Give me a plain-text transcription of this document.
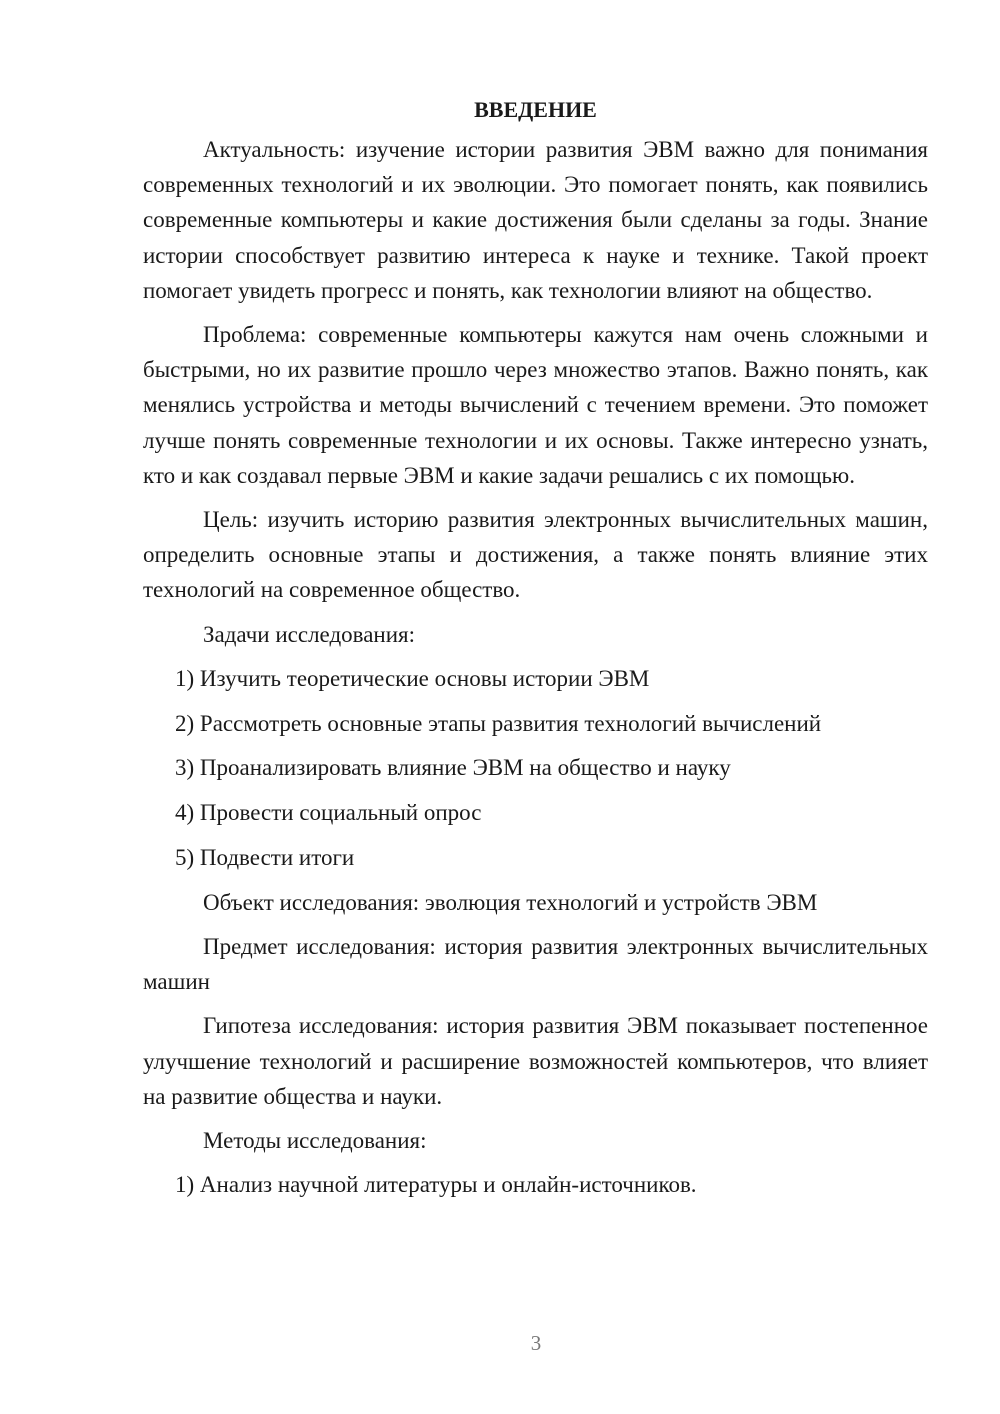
ВВЕДЕНИЕ

Актуальность: изучение истории развития ЭВМ важно для понимания современных технологий и их эволюции. Это помогает понять, как появились современные компьютеры и какие достижения были сделаны за годы. Знание истории способствует развитию интереса к науке и технике. Такой проект помогает увидеть прогресс и понять, как технологии влияют на общество.

Проблема: современные компьютеры кажутся нам очень сложными и быстрыми, но их развитие прошло через множество этапов. Важно понять, как менялись устройства и методы вычислений с течением времени. Это поможет лучше понять современные технологии и их основы. Также интересно узнать, кто и как создавал первые ЭВМ и какие задачи решались с их помощью.

Цель: изучить историю развития электронных вычислительных машин, определить основные этапы и достижения, а также понять влияние этих технологий на современное общество.

Задачи исследования:

1) Изучить теоретические основы истории ЭВМ
2) Рассмотреть основные этапы развития технологий вычислений
3) Проанализировать влияние ЭВМ на общество и науку
4) Провести социальный опрос
5) Подвести итоги

Объект исследования: эволюция технологий и устройств ЭВМ

Предмет исследования: история развития электронных вычислительных машин

Гипотеза исследования: история развития ЭВМ показывает постепенное улучшение технологий и расширение возможностей компьютеров, что влияет на развитие общества и науки.

Методы исследования:

1) Анализ научной литературы и онлайн-источников.
3
